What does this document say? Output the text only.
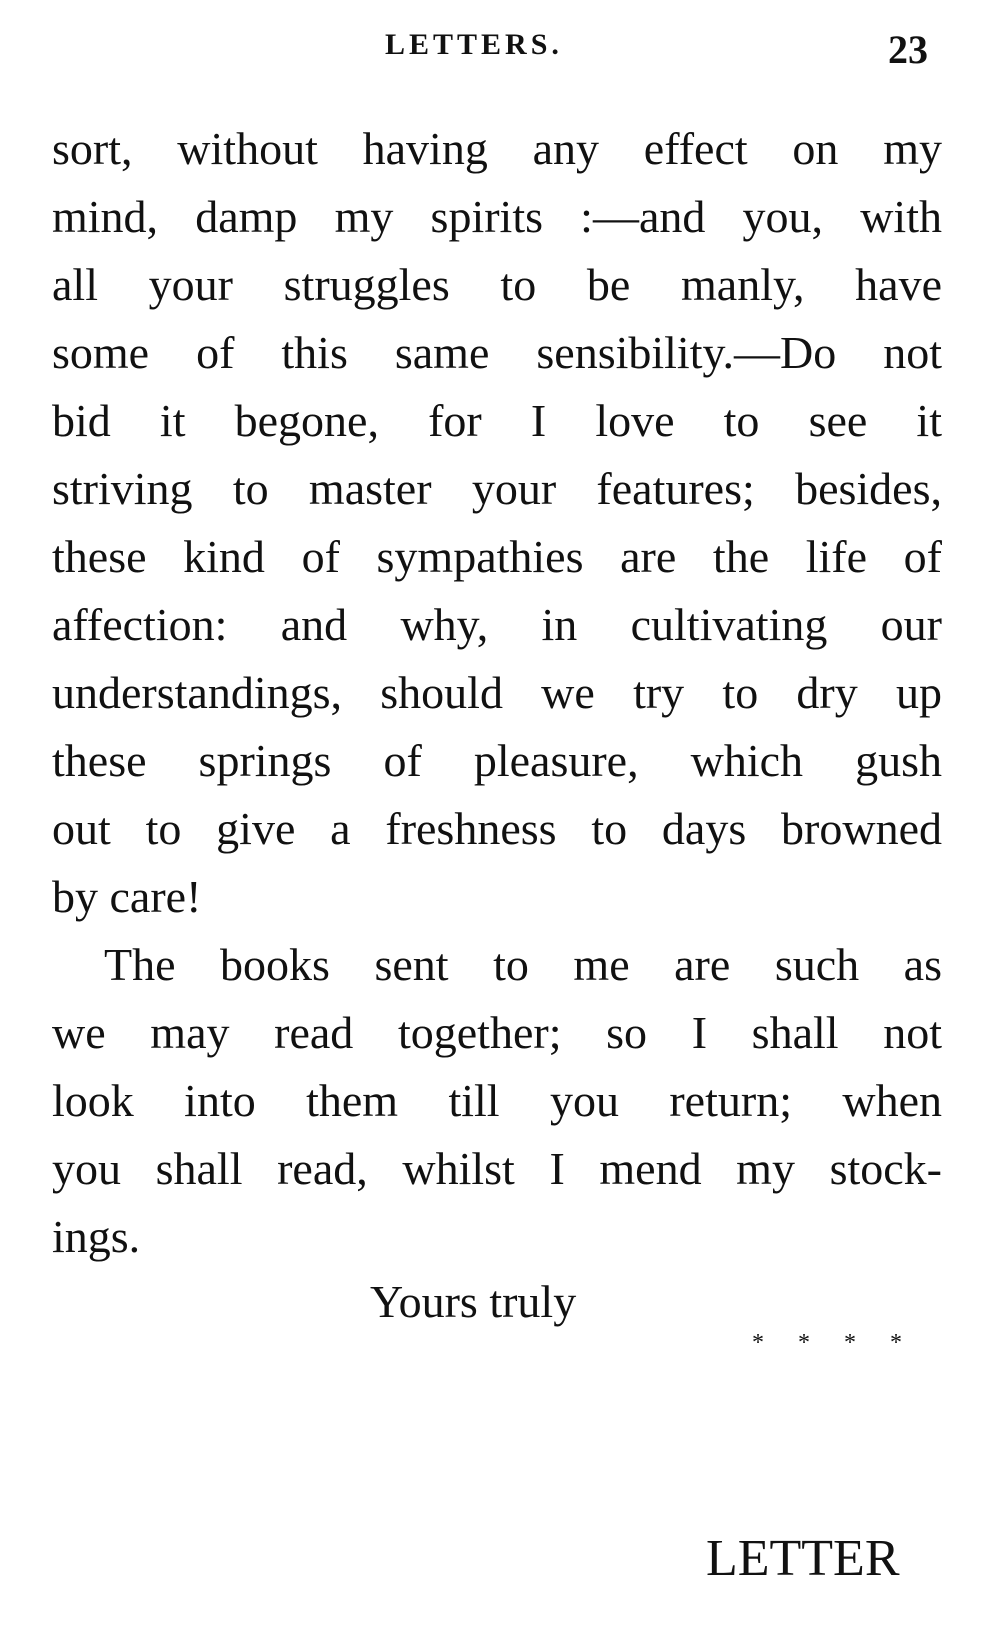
LETTERS.	23
sort, without having any effect on my
mind, damp my spirits :—and you, with
all your struggles to be manly, have
some of this same sensibility.—Do not
bid it begone, for I love to see it
striving to master your features; besides,
these kind of sympathies are the life of
affection: and why, in cultivating our
understandings, should we try to dry up
these springs of pleasure, which gush
out to give a freshness to days browned
by care!
The books sent to me are such as
we may read together; so I shall not
look into them till you return; when
you shall read, whilst I mend my stock-
ings.
Yours truly
* * * *
LETTER
